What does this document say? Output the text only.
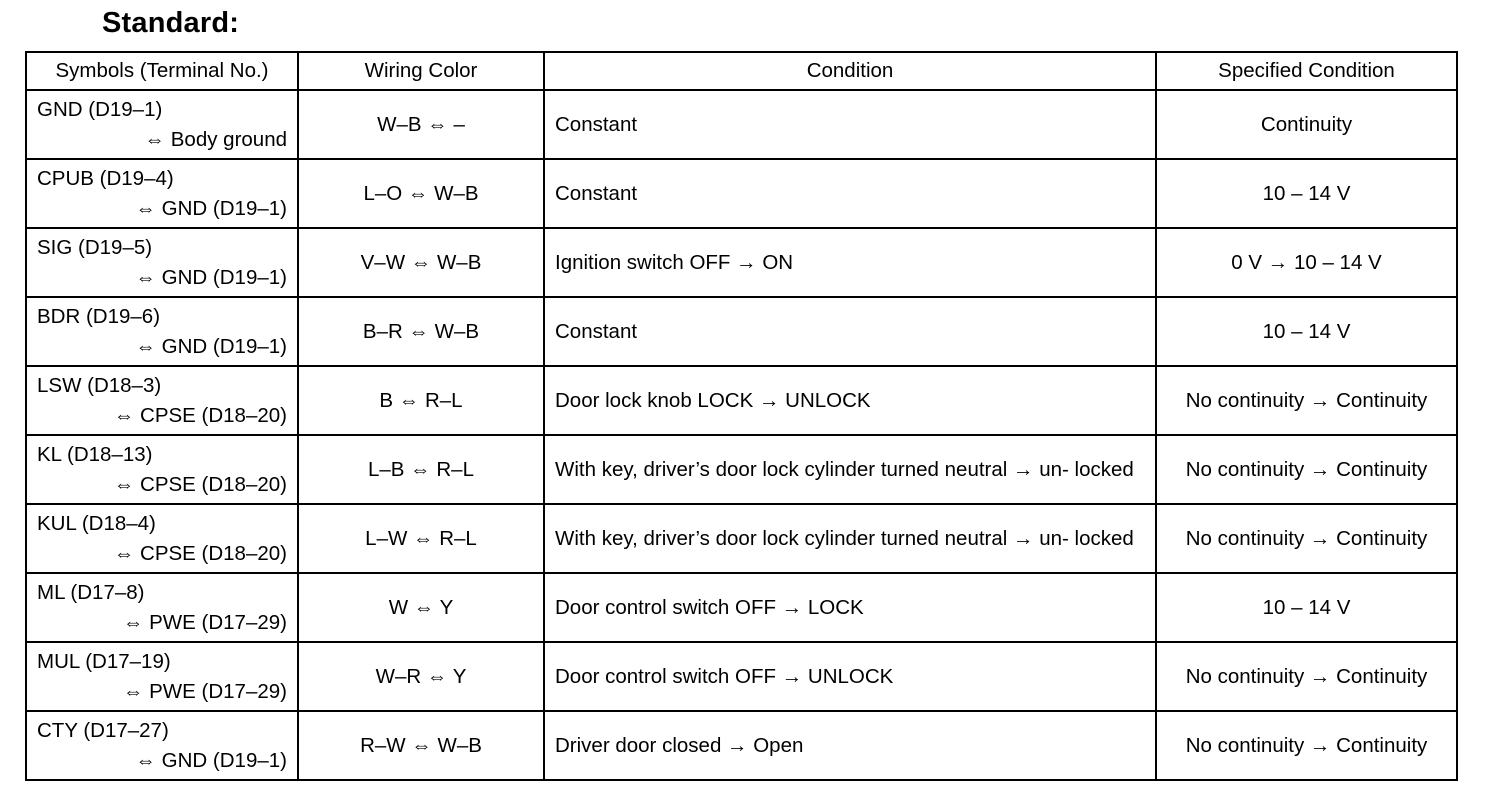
Standard:
Symbols (Terminal No.)	Wiring Color	Condition	Specified Condition

GND (D19–1)
⇔ Body ground	W–B ⇔ –	Constant	Continuity

CPUB (D19–4)
⇔ GND (D19–1)	L–O ⇔ W–B	Constant	10 – 14 V

SIG (D19–5)
⇔ GND (D19–1)	V–W ⇔ W–B	Ignition switch OFF → ON	0 V → 10 – 14 V

BDR (D19–6)
⇔ GND (D19–1)	B–R ⇔ W–B	Constant	10 – 14 V

LSW (D18–3)
⇔ CPSE (D18–20)	B ⇔ R–L	Door lock knob LOCK → UNLOCK	No continuity → Continuity

KL (D18–13)
⇔ CPSE (D18–20)	L–B ⇔ R–L	With key, driver’s door lock cylinder turned neutral → un- locked	No continuity → Continuity

KUL (D18–4)
⇔ CPSE (D18–20)	L–W ⇔ R–L	With key, driver’s door lock cylinder turned neutral → un- locked	No continuity → Continuity

ML (D17–8)
⇔ PWE (D17–29)	W ⇔ Y	Door control switch OFF → LOCK	10 – 14 V

MUL (D17–19)
⇔ PWE (D17–29)	W–R ⇔ Y	Door control switch OFF → UNLOCK	No continuity → Continuity

CTY (D17–27)
⇔ GND (D19–1)	R–W ⇔ W–B	Driver door closed → Open	No continuity → Continuity
